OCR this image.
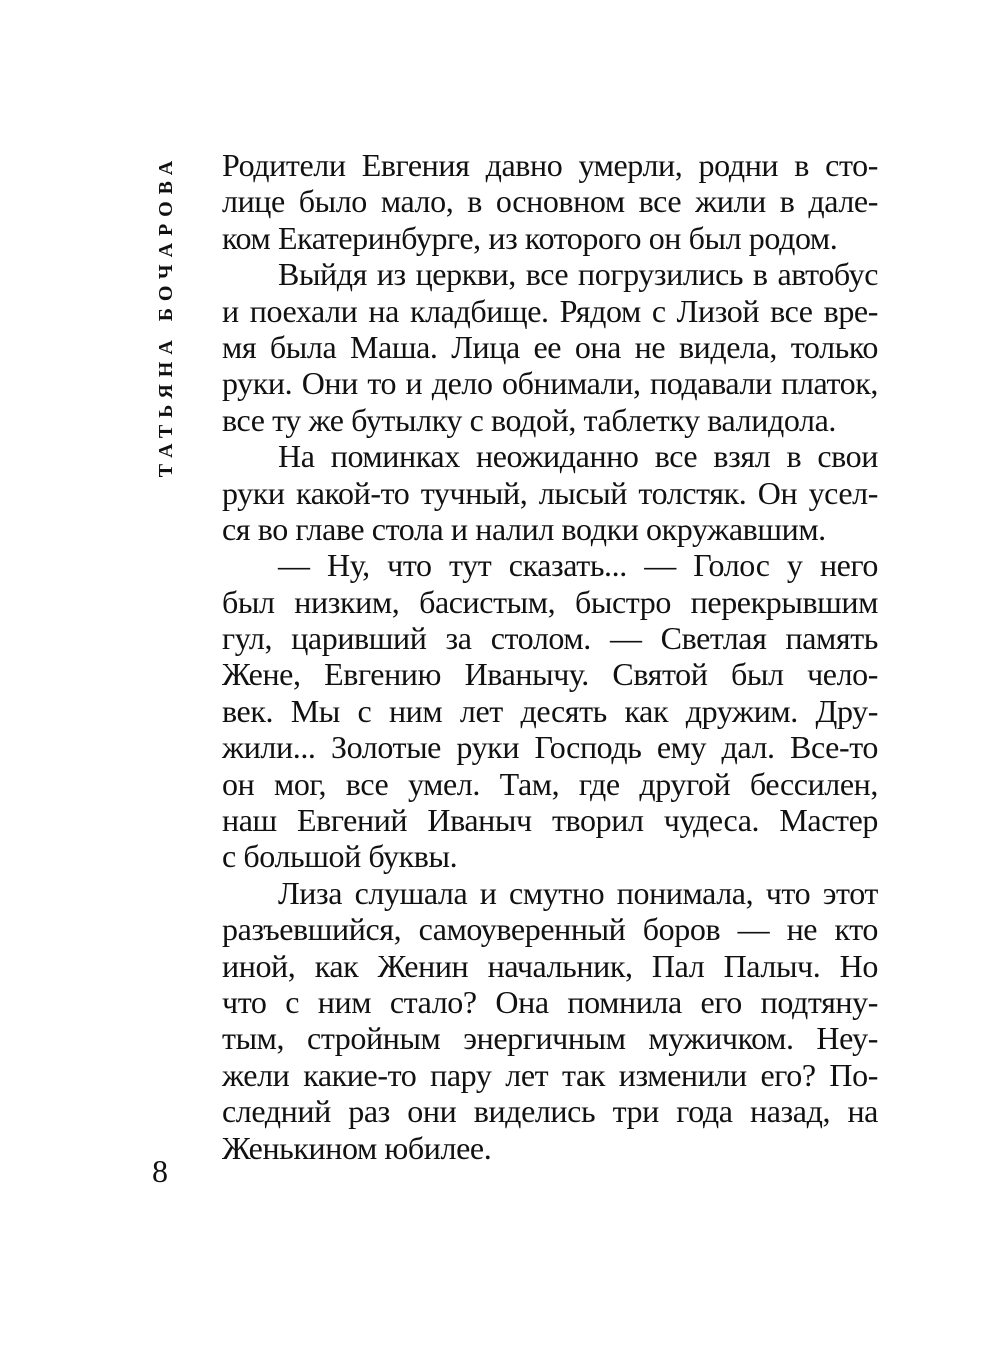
ТАТЬЯНА БОЧАРОВА
8
Родители Евгения давно умерли, родни в сто-
лице было мало, в основном все жили в дале-
ком Екатеринбурге, из которого он был родом.
Выйдя из церкви, все погрузились в автобус
и поехали на кладбище. Рядом с Лизой все вре-
мя была Маша. Лица ее она не видела, только
руки. Они то и дело обнимали, подавали платок,
все ту же бутылку с водой, таблетку валидола.
На поминках неожиданно все взял в свои
руки какой-то тучный, лысый толстяк. Он усел-
ся во главе стола и налил водки окружавшим.
— Ну, что тут сказать... — Голос у него
был низким, басистым, быстро перекрывшим
гул, царивший за столом. — Светлая память
Жене, Евгению Иванычу. Святой был чело-
век. Мы с ним лет десять как дружим. Дру-
жили... Золотые руки Господь ему дал. Все-то
он мог, все умел. Там, где другой бессилен,
наш Евгений Иваныч творил чудеса. Мастер
с большой буквы.
Лиза слушала и смутно понимала, что этот
разъевшийся, самоуверенный боров — не кто
иной, как Женин начальник, Пал Палыч. Но
что с ним стало? Она помнила его подтяну-
тым, стройным энергичным мужичком. Неу-
жели какие-то пару лет так изменили его? По-
следний раз они виделись три года назад, на
Женькином юбилее.
